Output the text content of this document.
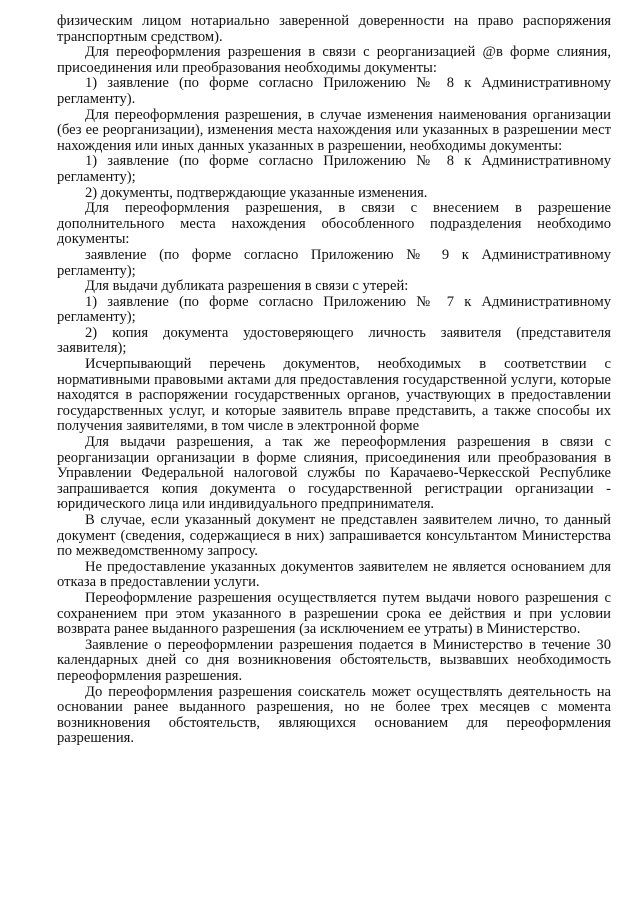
физическим лицом нотариально заверенной доверенности на право распоряжения транспортным средством).

Для переоформления разрешения в связи с реорганизацией @в форме слияния, присоединения или преобразования необходимы документы:

1) заявление (по форме согласно Приложению № 8 к Административному регламенту).

Для переоформления разрешения, в случае изменения наименования организации (без ее реорганизации), изменения места нахождения или указанных в разрешении мест нахождения или иных данных указанных в разрешении, необходимы документы:

1) заявление (по форме согласно Приложению № 8 к Административному регламенту);

2) документы, подтверждающие указанные изменения.

Для переоформления разрешения, в связи с внесением в разрешение дополнительного места нахождения обособленного подразделения необходимо документы:

заявление (по форме согласно Приложению № 9 к Административному регламенту);

Для выдачи дубликата разрешения в связи с утерей:

1) заявление (по форме согласно Приложению № 7 к Административному регламенту);

2) копия документа удостоверяющего личность заявителя (представителя заявителя);

Исчерпывающий перечень документов, необходимых в соответствии с нормативными правовыми актами для предоставления государственной услуги, которые находятся в распоряжении государственных органов, участвующих в предоставлении государственных услуг, и которые заявитель вправе представить, а также способы их получения заявителями, в том числе в электронной форме

Для выдачи разрешения, а так же переоформления разрешения в связи с реорганизации организации в форме слияния, присоединения или преобразования в Управлении Федеральной налоговой службы по Карачаево-Черкесской Республике запрашивается копия документа о государственной регистрации организации - юридического лица или индивидуального предпринимателя.

В случае, если указанный документ не представлен заявителем лично, то данный документ (сведения, содержащиеся в них) запрашивается консультантом Министерства по межведомственному запросу.

Не предоставление указанных документов заявителем не является основанием для отказа в предоставлении услуги.

Переоформление разрешения осуществляется путем выдачи нового разрешения с сохранением при этом указанного в разрешении срока ее действия и при условии возврата ранее выданного разрешения (за исключением ее утраты) в Министерство.

Заявление о переоформлении разрешения подается в Министерство в течение 30 календарных дней со дня возникновения обстоятельств, вызвавших необходимость переоформления разрешения.

До переоформления разрешения соискатель может осуществлять деятельность на основании ранее выданного разрешения, но не более трех месяцев с момента возникновения обстоятельств, являющихся основанием для переоформления разрешения.
